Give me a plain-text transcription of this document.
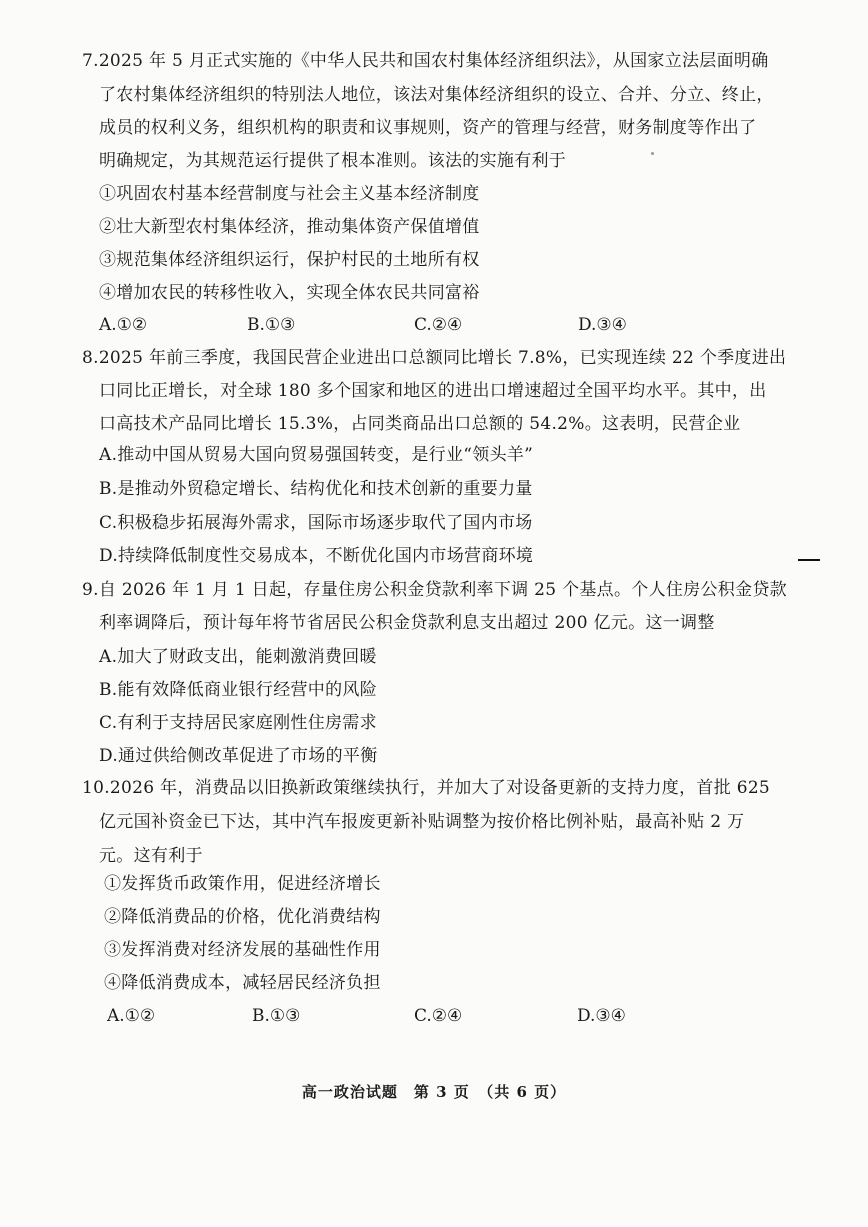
7.2025 年 5 月正式实施的《中华人民共和国农村集体经济组织法》，从国家立法层面明确
了农村集体经济组织的特别法人地位，该法对集体经济组织的设立、合并、分立、终止，
成员的权利义务，组织机构的职责和议事规则，资产的管理与经营，财务制度等作出了
明确规定，为其规范运行提供了根本准则。该法的实施有利于
①巩固农村基本经营制度与社会主义基本经济制度
②壮大新型农村集体经济，推动集体资产保值增值
③规范集体经济组织运行，保护村民的土地所有权
④增加农民的转移性收入，实现全体农民共同富裕
A.①②	B.①③	C.②④	D.③④
8.2025 年前三季度，我国民营企业进出口总额同比增长 7.8%，已实现连续 22 个季度进出
口同比正增长，对全球 180 多个国家和地区的进出口增速超过全国平均水平。其中，出
口高技术产品同比增长 15.3%，占同类商品出口总额的 54.2%。这表明，民营企业
A.推动中国从贸易大国向贸易强国转变，是行业“领头羊”
B.是推动外贸稳定增长、结构优化和技术创新的重要力量
C.积极稳步拓展海外需求，国际市场逐步取代了国内市场
D.持续降低制度性交易成本，不断优化国内市场营商环境
9.自 2026 年 1 月 1 日起，存量住房公积金贷款利率下调 25 个基点。个人住房公积金贷款
利率调降后，预计每年将节省居民公积金贷款利息支出超过 200 亿元。这一调整
A.加大了财政支出，能刺激消费回暖
B.能有效降低商业银行经营中的风险
C.有利于支持居民家庭刚性住房需求
D.通过供给侧改革促进了市场的平衡
10.2026 年，消费品以旧换新政策继续执行，并加大了对设备更新的支持力度，首批 625
亿元国补资金已下达，其中汽车报废更新补贴调整为按价格比例补贴，最高补贴 2 万
元。这有利于
①发挥货币政策作用，促进经济增长
②降低消费品的价格，优化消费结构
③发挥消费对经济发展的基础性作用
④降低消费成本，减轻居民经济负担
A.①②	B.①③	C.②④	D.③④
高一政治试题　第 3 页　（共 6 页）
